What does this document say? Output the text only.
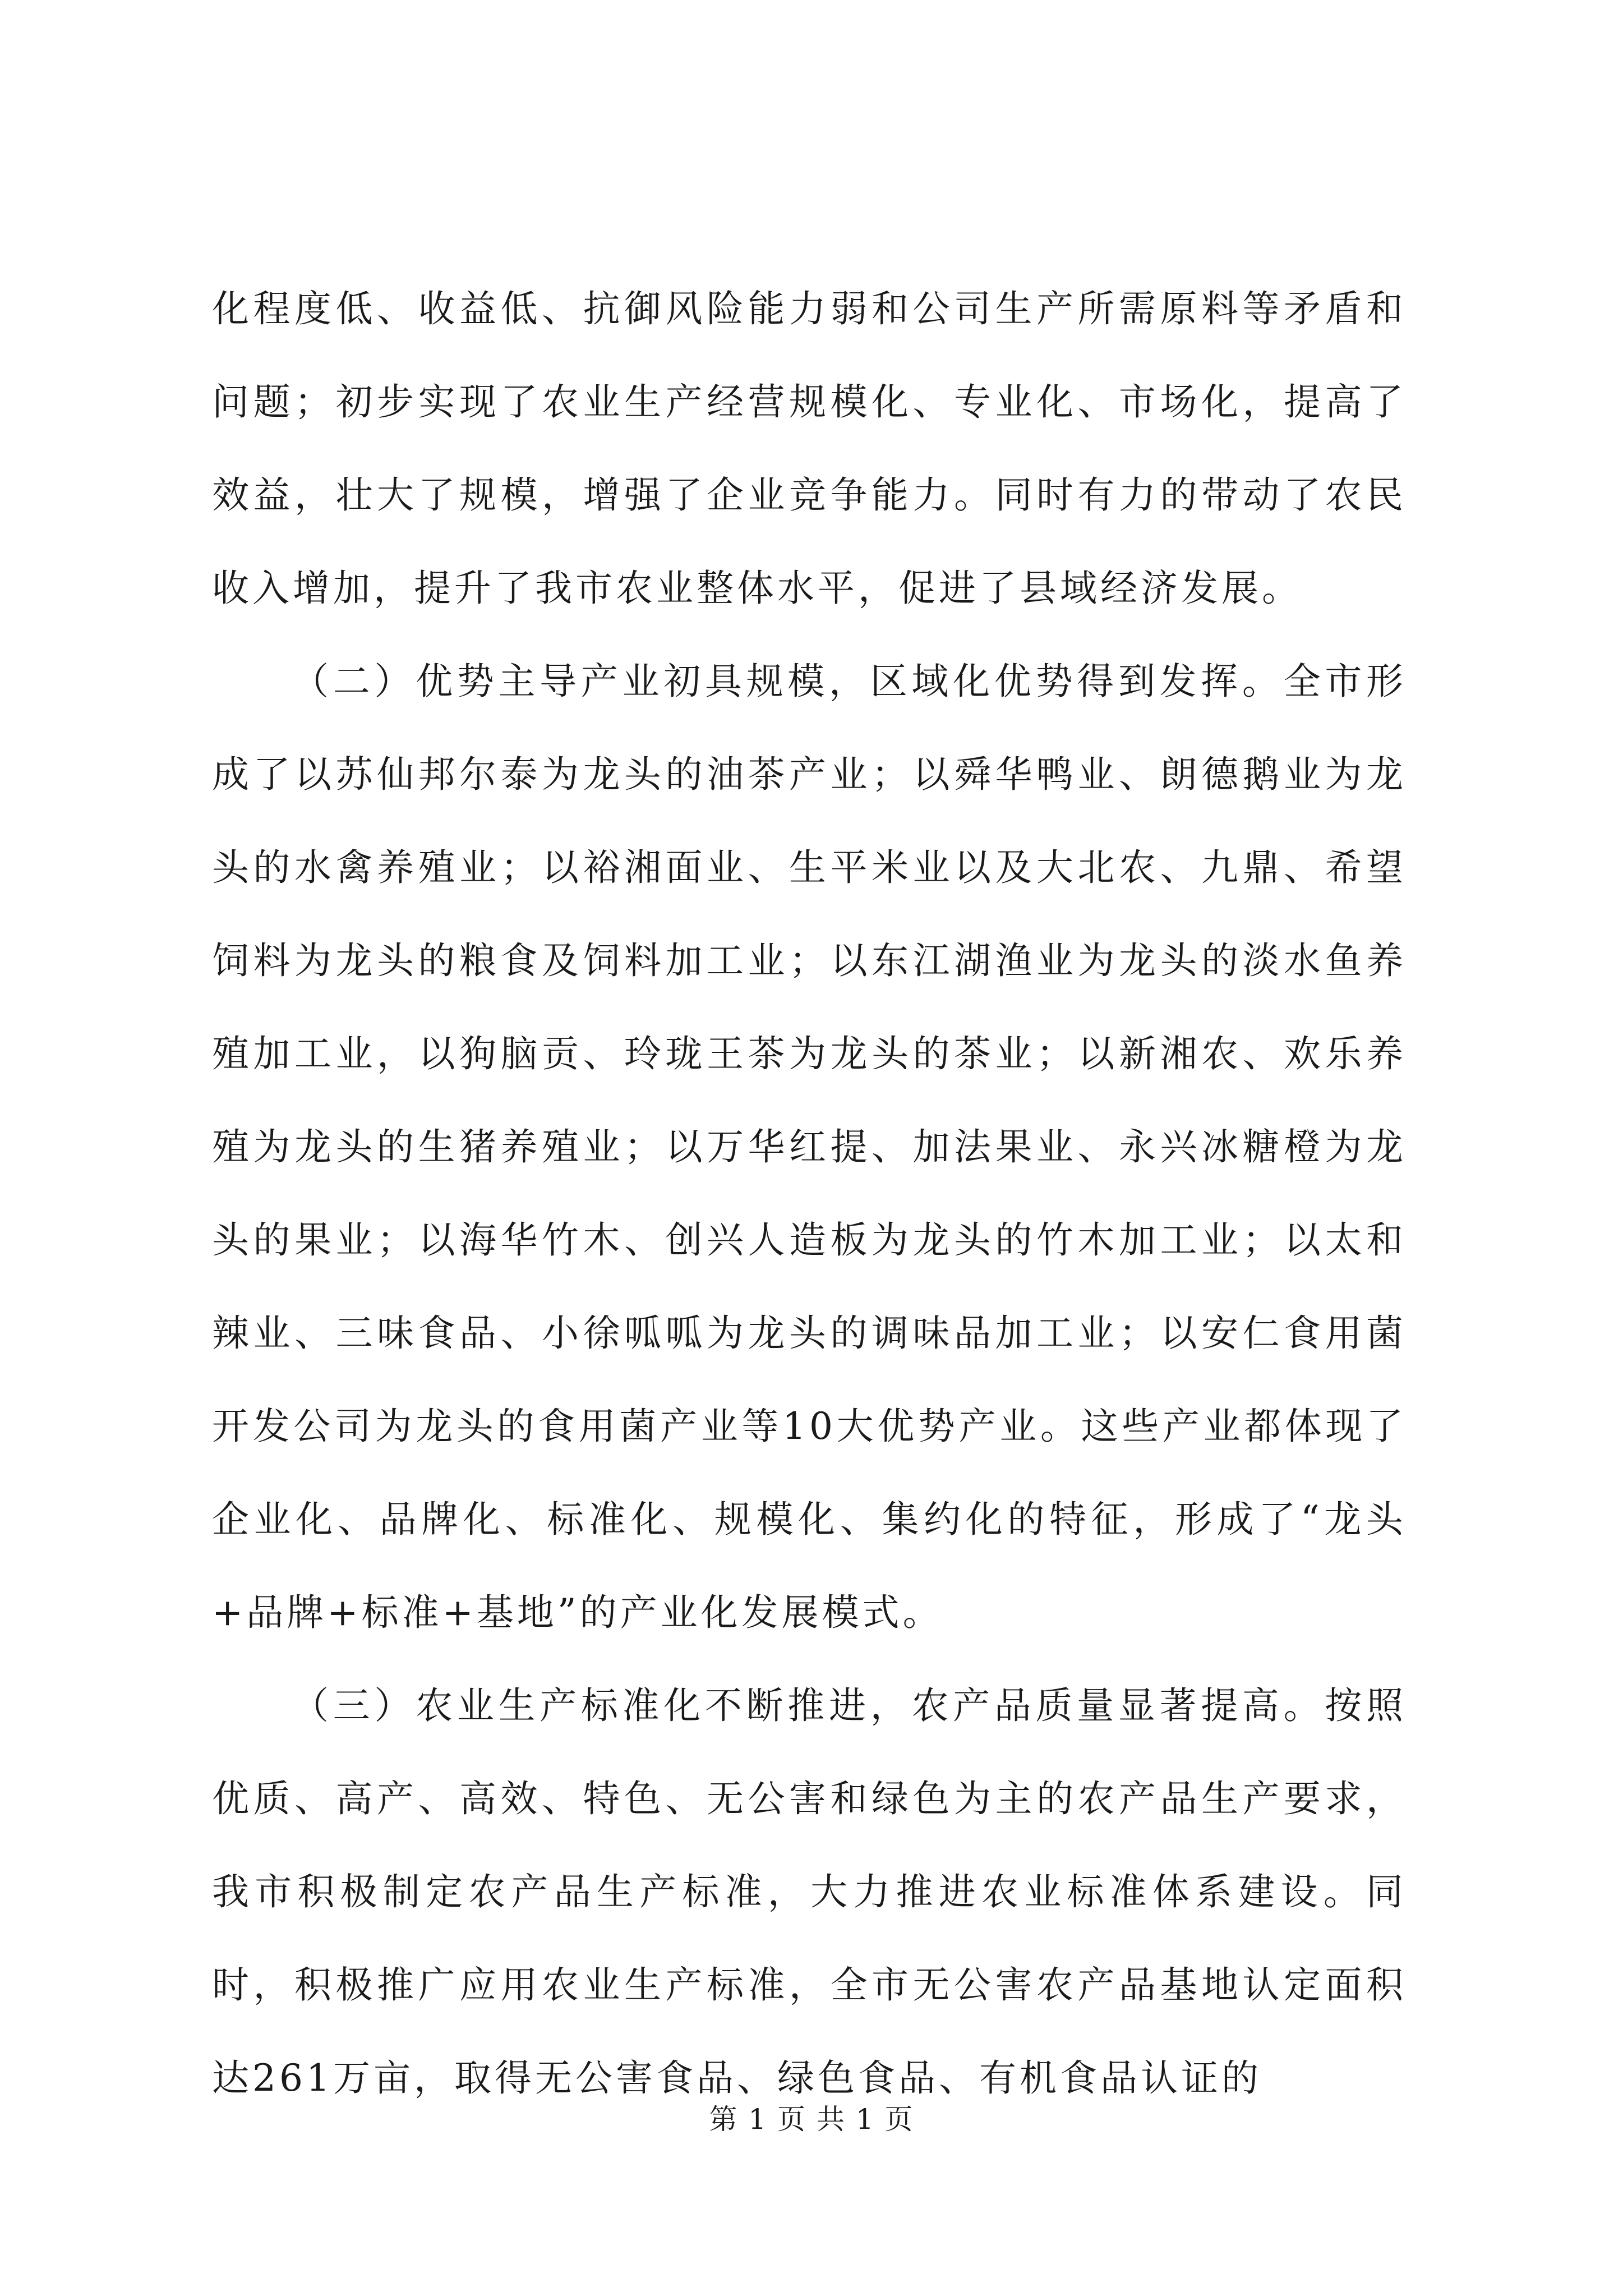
化程度低、收益低、抗御风险能力弱和公司生产所需原料等矛盾和问题；初步实现了农业生产经营规模化、专业化、市场化，提高了效益，壮大了规模，增强了企业竞争能力。同时有力的带动了农民收入增加，提升了我市农业整体水平，促进了县域经济发展。

（二）优势主导产业初具规模，区域化优势得到发挥。全市形成了以苏仙邦尔泰为龙头的油茶产业；以舜华鸭业、朗德鹅业为龙头的水禽养殖业；以裕湘面业、生平米业以及大北农、九鼎、希望饲料为龙头的粮食及饲料加工业；以东江湖渔业为龙头的淡水鱼养殖加工业，以狗脑贡、玲珑王茶为龙头的茶业；以新湘农、欢乐养殖为龙头的生猪养殖业；以万华红提、加法果业、永兴冰糖橙为龙头的果业；以海华竹木、创兴人造板为龙头的竹木加工业；以太和辣业、三味食品、小徐呱呱为龙头的调味品加工业；以安仁食用菌开发公司为龙头的食用菌产业等10大优势产业。这些产业都体现了企业化、品牌化、标准化、规模化、集约化的特征，形成了“龙头+品牌+标准+基地”的产业化发展模式。

（三）农业生产标准化不断推进，农产品质量显著提高。按照优质、高产、高效、特色、无公害和绿色为主的农产品生产要求，我市积极制定农产品生产标准，大力推进农业标准体系建设。同时，积极推广应用农业生产标准，全市无公害农产品基地认定面积达261万亩，取得无公害食品、绿色食品、有机食品认证的

第 1 页 共 1 页
